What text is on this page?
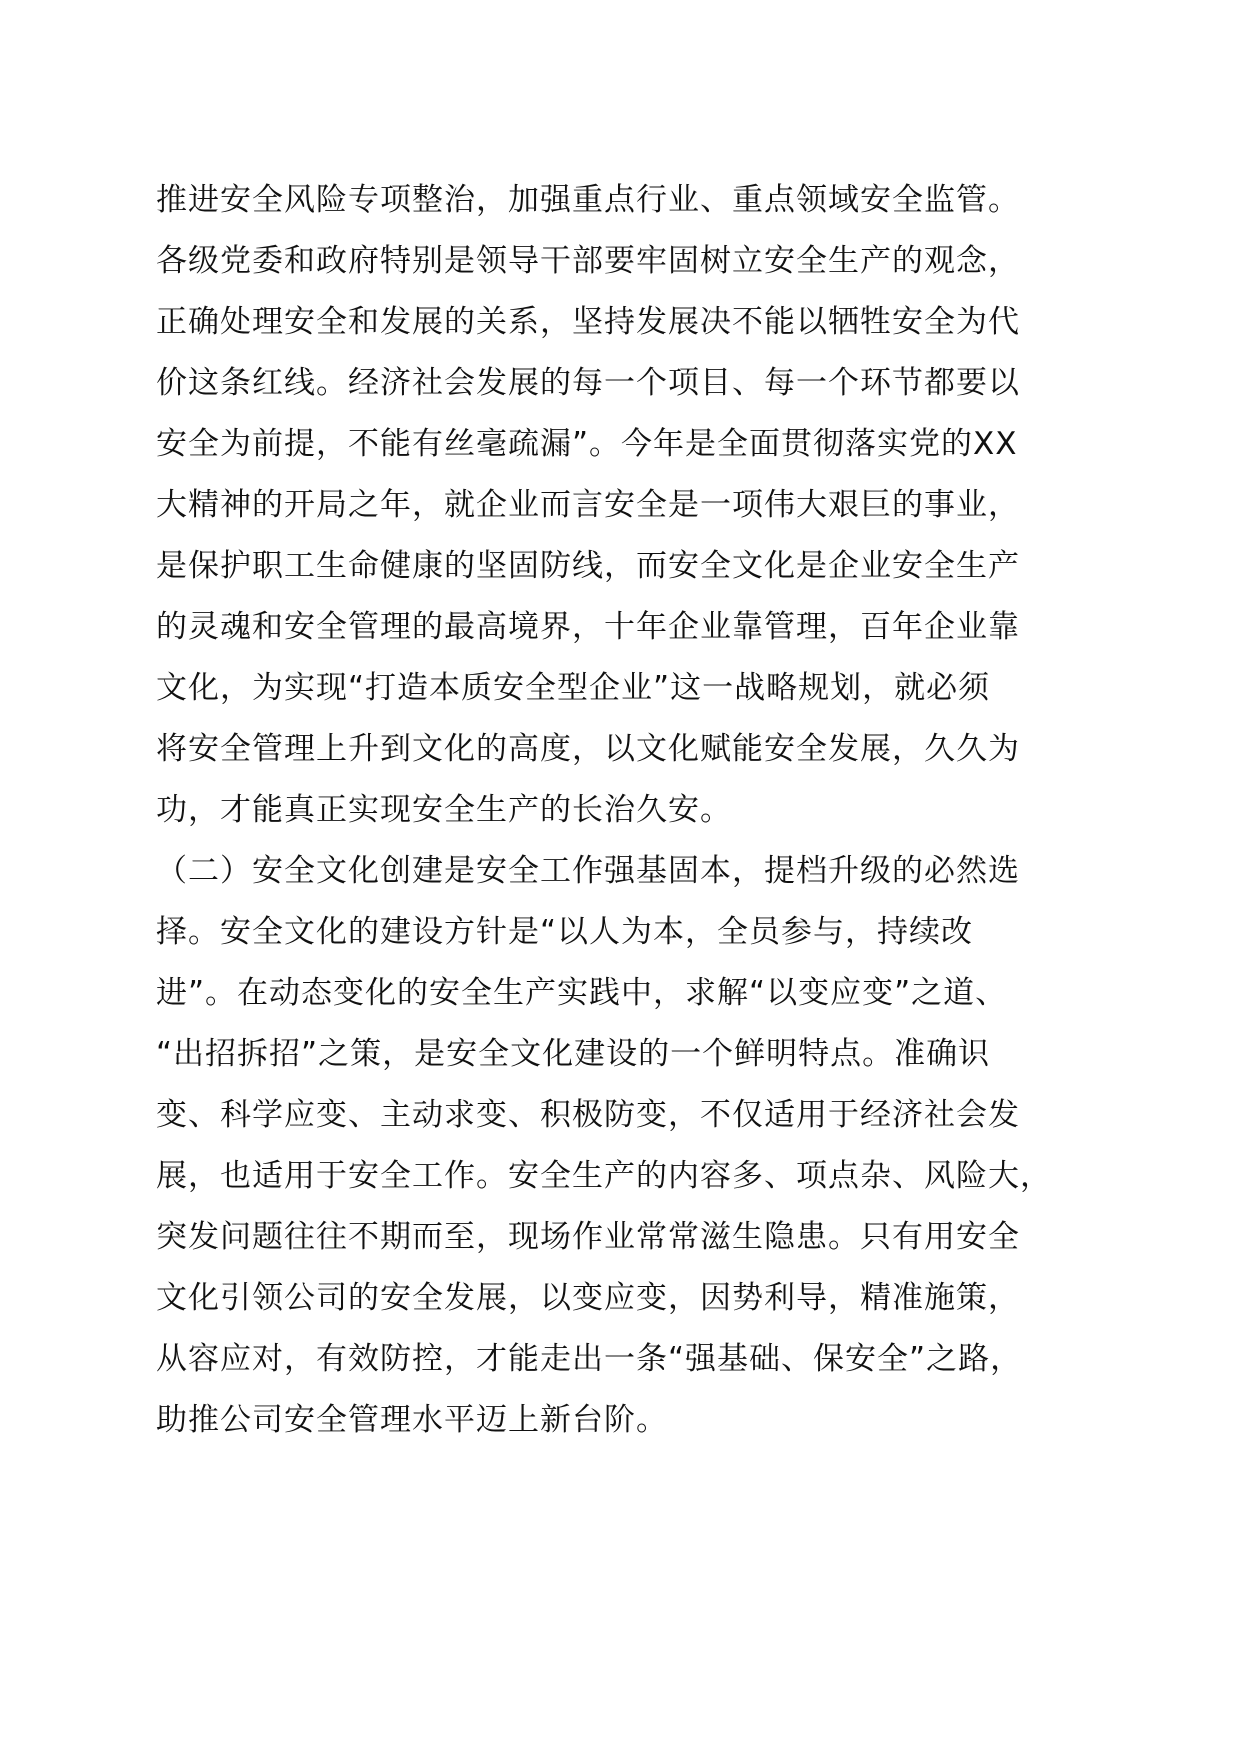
推进安全风险专项整治，加强重点行业、重点领域安全监管。
各级党委和政府特别是领导干部要牢固树立安全生产的观念，
正确处理安全和发展的关系，坚持发展决不能以牺牲安全为代
价这条红线。经济社会发展的每一个项目、每一个环节都要以
安全为前提，不能有丝毫疏漏”。今年是全面贯彻落实党的XX
大精神的开局之年，就企业而言安全是一项伟大艰巨的事业，
是保护职工生命健康的坚固防线，而安全文化是企业安全生产
的灵魂和安全管理的最高境界，十年企业靠管理，百年企业靠
文化，为实现“打造本质安全型企业”这一战略规划，就必须
将安全管理上升到文化的高度，以文化赋能安全发展，久久为
功，才能真正实现安全生产的长治久安。
（二）安全文化创建是安全工作强基固本，提档升级的必然选
择。安全文化的建设方针是“以人为本，全员参与，持续改
进”。在动态变化的安全生产实践中，求解“以变应变”之道、
“出招拆招”之策，是安全文化建设的一个鲜明特点。准确识
变、科学应变、主动求变、积极防变，不仅适用于经济社会发
展，也适用于安全工作。安全生产的内容多、项点杂、风险大，
突发问题往往不期而至，现场作业常常滋生隐患。只有用安全
文化引领公司的安全发展，以变应变，因势利导，精准施策，
从容应对，有效防控，才能走出一条“强基础、保安全”之路，
助推公司安全管理水平迈上新台阶。
